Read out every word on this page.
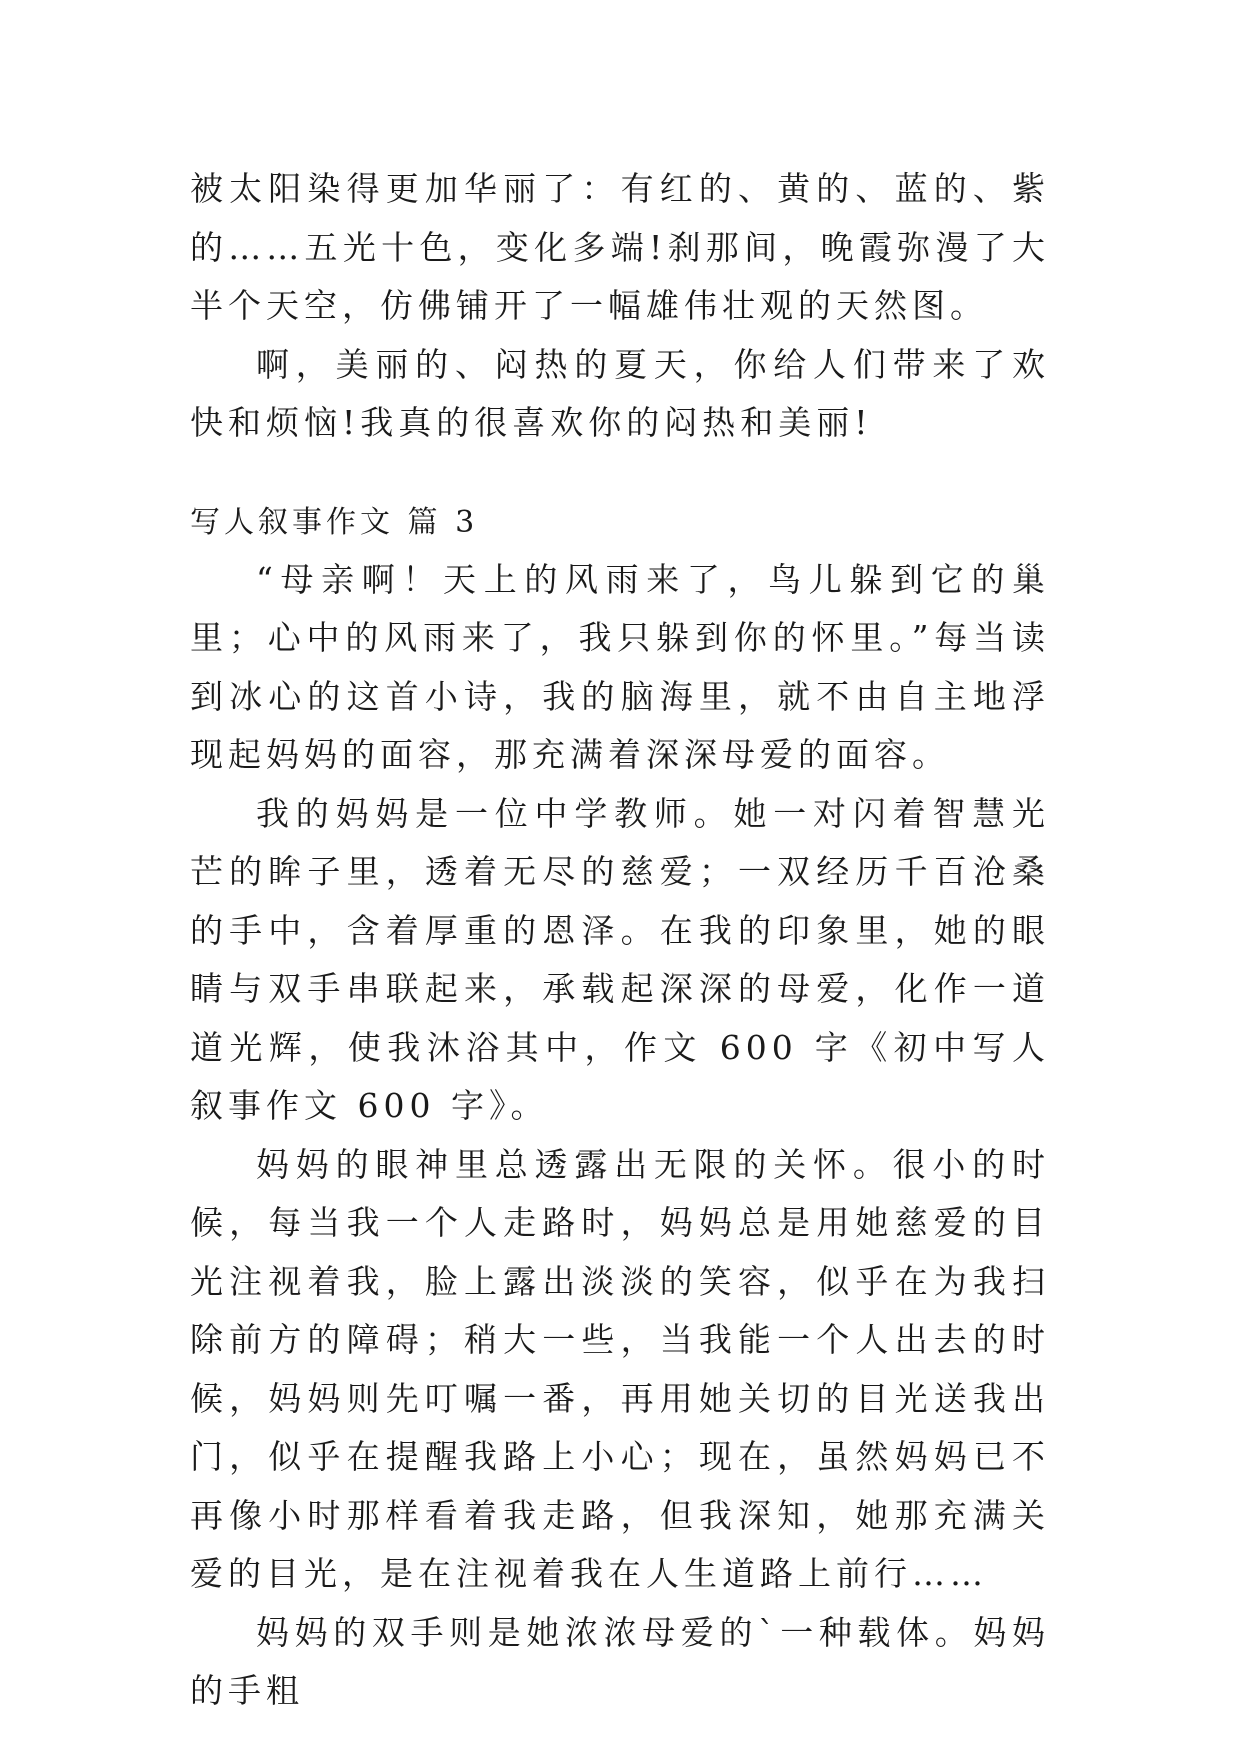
被太阳染得更加华丽了：有红的、黄的、蓝的、紫的……五光十色，变化多端!刹那间，晚霞弥漫了大半个天空，仿佛铺开了一幅雄伟壮观的天然图。

啊，美丽的、闷热的夏天，你给人们带来了欢快和烦恼!我真的很喜欢你的闷热和美丽!

写人叙事作文 篇 3

“母亲啊！天上的风雨来了，鸟儿躲到它的巢里；心中的风雨来了，我只躲到你的怀里。”每当读到冰心的这首小诗，我的脑海里，就不由自主地浮现起妈妈的面容，那充满着深深母爱的面容。

我的妈妈是一位中学教师。她一对闪着智慧光芒的眸子里，透着无尽的慈爱；一双经历千百沧桑的手中，含着厚重的恩泽。在我的印象里，她的眼睛与双手串联起来，承载起深深的母爱，化作一道道光辉，使我沐浴其中，作文 600 字《初中写人叙事作文 600 字》。

妈妈的眼神里总透露出无限的关怀。很小的时候，每当我一个人走路时，妈妈总是用她慈爱的目光注视着我，脸上露出淡淡的笑容，似乎在为我扫除前方的障碍；稍大一些，当我能一个人出去的时候，妈妈则先叮嘱一番，再用她关切的目光送我出门，似乎在提醒我路上小心；现在，虽然妈妈已不再像小时那样看着我走路，但我深知，她那充满关爱的目光，是在注视着我在人生道路上前行……

妈妈的双手则是她浓浓母爱的`一种载体。妈妈的手粗
